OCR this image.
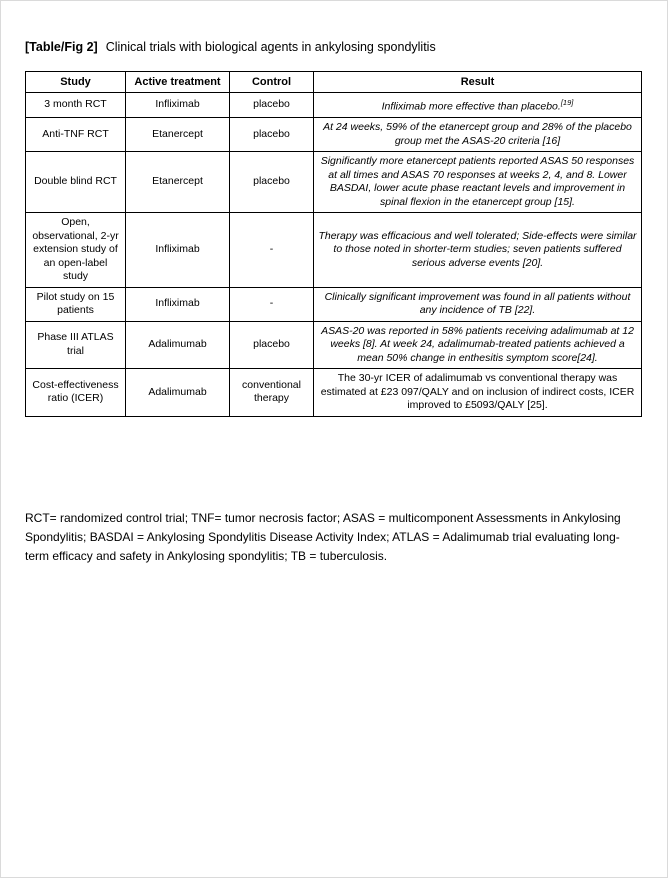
[Table/Fig 2] Clinical trials with biological agents in ankylosing spondylitis
Study	Active treatment	Control	Result
3 month RCT	Infliximab	placebo	Infliximab more effective than placebo.[19]
Anti-TNF RCT	Etanercept	placebo	At 24 weeks, 59% of the etanercept group and 28% of the placebo group met the ASAS-20 criteria [16]
Double blind RCT	Etanercept	placebo	Significantly more etanercept patients reported ASAS 50 responses at all times and ASAS 70 responses at weeks 2, 4, and 8. Lower BASDAI, lower acute phase reactant levels and improvement in spinal flexion in the etanercept group [15].
Open, observational, 2-yr extension study of an open-label study	Infliximab	-	Therapy was efficacious and well tolerated; Side-effects were similar to those noted in shorter-term studies; seven patients suffered serious adverse events [20].
Pilot study on 15 patients	Infliximab	-	Clinically significant improvement was found in all patients without any incidence of TB [22].
Phase III ATLAS trial	Adalimumab	placebo	ASAS-20 was reported in 58% patients receiving adalimumab at 12 weeks [8]. At week 24, adalimumab-treated patients achieved a mean 50% change in enthesitis symptom score[24].
Cost-effectiveness ratio (ICER)	Adalimumab	conventional therapy	The 30-yr ICER of adalimumab vs conventional therapy was estimated at £23 097/QALY and on inclusion of indirect costs, ICER improved to £5093/QALY [25].
RCT= randomized control trial; TNF= tumor necrosis factor; ASAS = multicomponent Assessments in Ankylosing Spondylitis; BASDAI = Ankylosing Spondylitis Disease Activity Index; ATLAS = Adalimumab trial evaluating long-term efficacy and safety in Ankylosing spondylitis; TB = tuberculosis.
